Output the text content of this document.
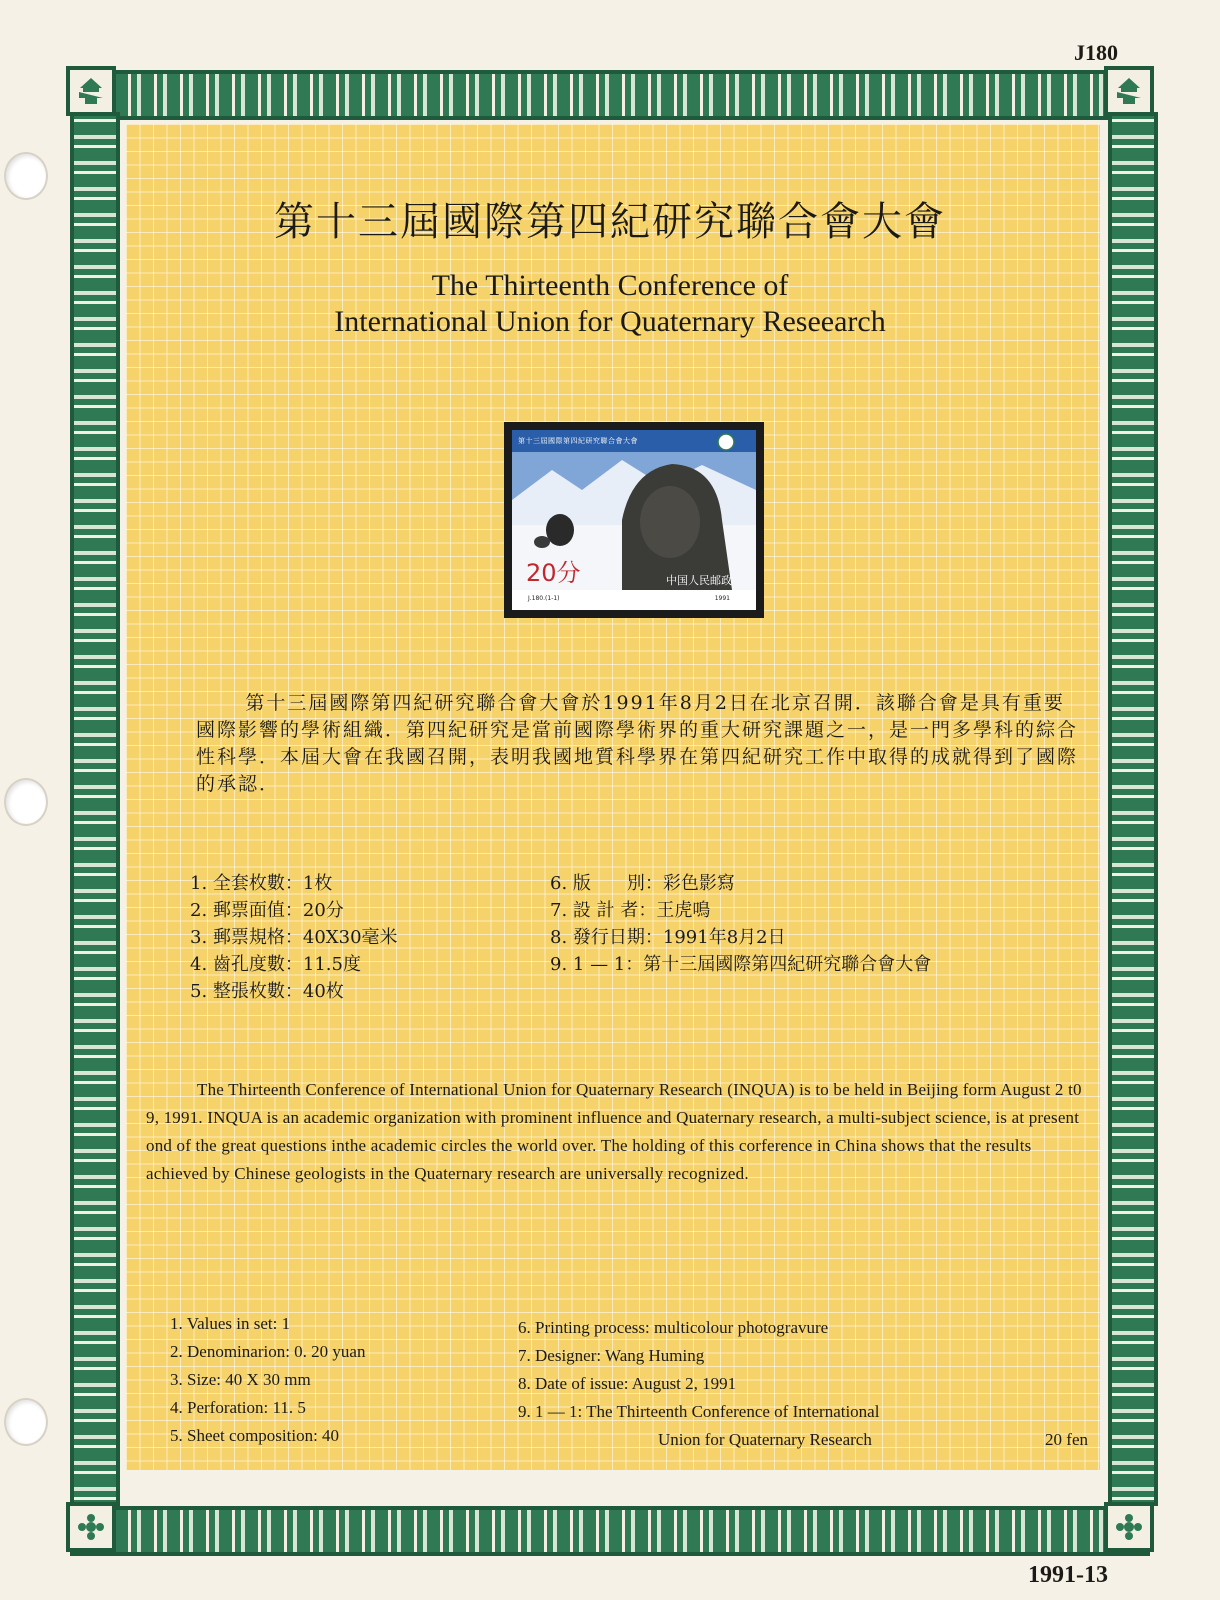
J180
第十三屆國際第四紀研究聯合會大會
The Thirteenth Conference of
International Union for Quaternary Reseearch
第十三屆國際第四紀研究聯合會大會
20分	中国人民邮政
J.180.(1-1)	1991

第十三屆國際第四紀研究聯合會大會於1991年8月2日在北京召開．該聯合會是具有重要國際影響的學術組織．第四紀研究是當前國際學術界的重大研究課題之一，是一門多學科的綜合性科學．本屆大會在我國召開，表明我國地質科學界在第四紀研究工作中取得的成就得到了國際的承認．

1. 全套枚數：1枚
2. 郵票面值：20分
3. 郵票規格：40X30毫米
4. 齒孔度數：11.5度
5. 整張枚數：40枚
6. 版　　別：彩色影寫
7. 設 計 者：王虎鳴
8. 發行日期：1991年8月2日
9. 1 — 1：第十三屆國際第四紀研究聯合會大會

The Thirteenth Conference of International Union for Quaternary Research (INQUA) is to be held in Beijing form August 2 t0 9, 1991. INQUA is an academic organization with prominent influence and Quaternary research, a multi-subject science, is at present ond of the great questions inthe academic circles the world over. The holding of this corference in China shows that the results achieved by Chinese geologists in the Quaternary research are universally recognized.

1. Values in set: 1
2. Denominarion: 0. 20 yuan
3. Size: 40 X 30 mm
4. Perforation: 11. 5
5. Sheet composition: 40
6. Printing process: multicolour photogravure
7. Designer: Wang Huming
8. Date of issue: August 2, 1991
9. 1 — 1: The Thirteenth Conference of International
Union for Quaternary Research	20 fen
1991-13
